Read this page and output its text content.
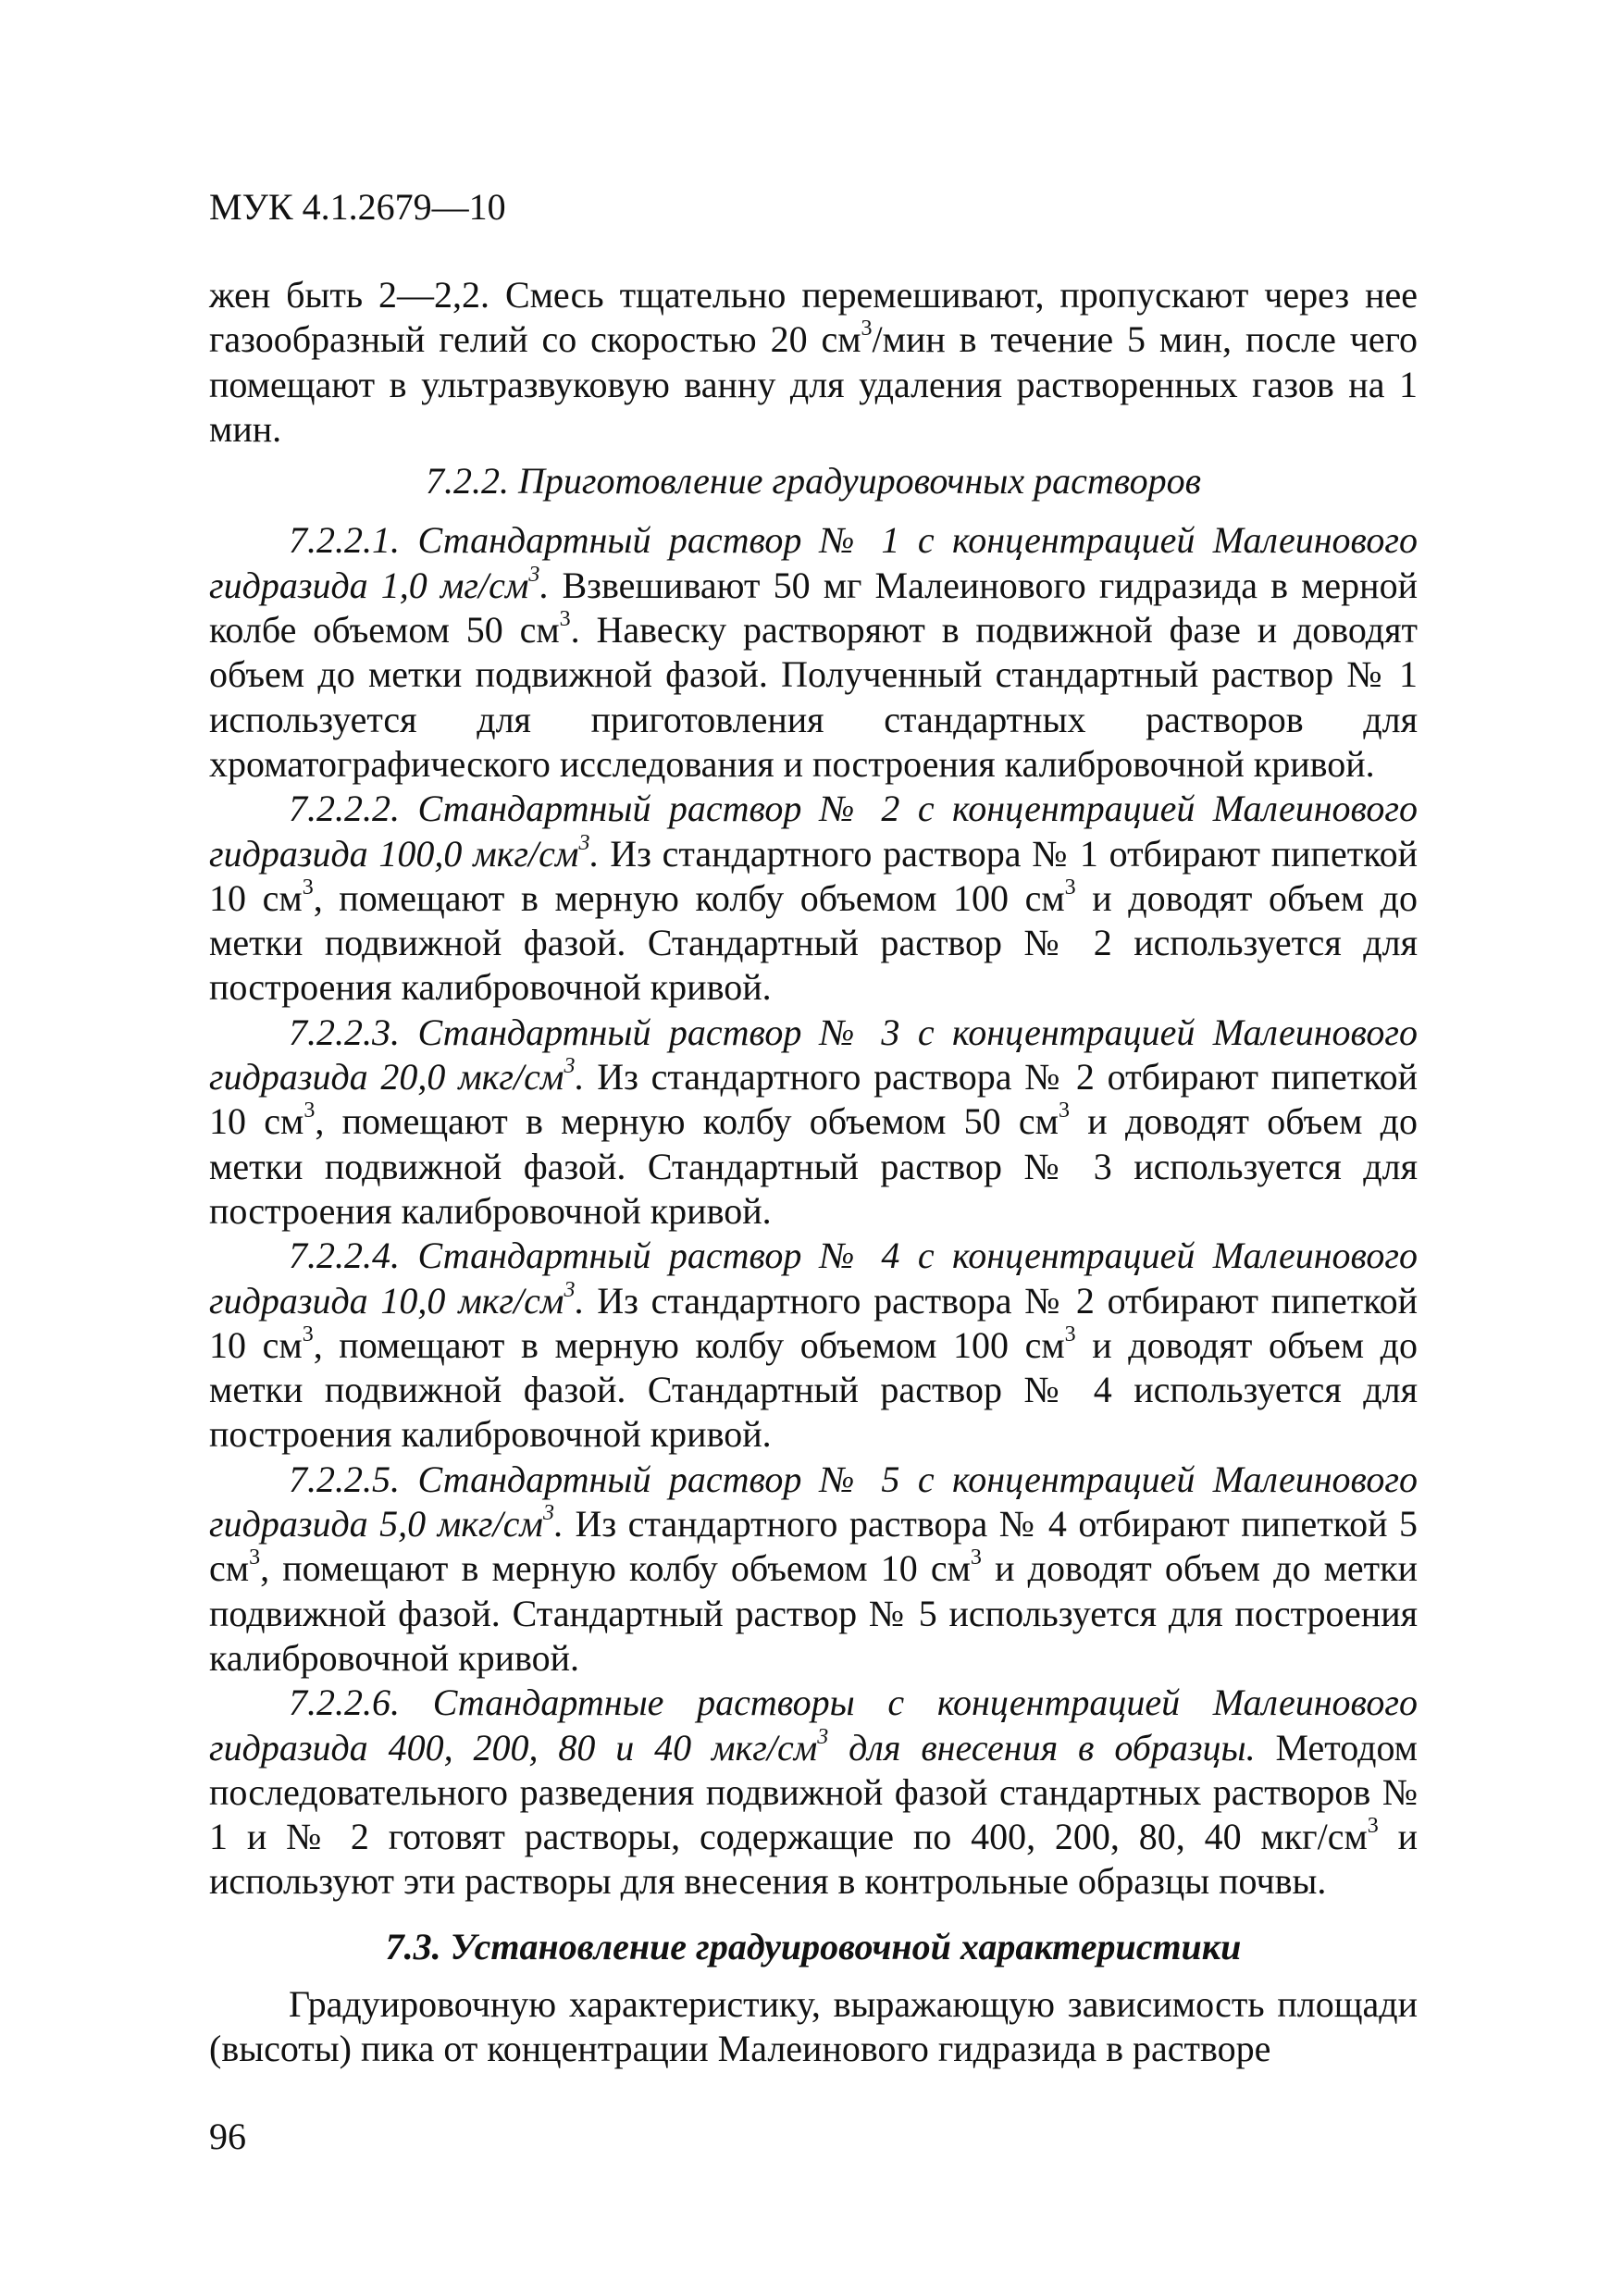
МУК 4.1.2679—10

жен быть 2—2,2. Смесь тщательно перемешивают, пропускают через нее газообразный гелий со скоростью 20 $см^3$/мин в течение 5 мин, после чего помещают в ультразвуковую ванну для удаления растворенных газов на 1 мин.

7.2.2. Приготовление градуировочных растворов

7.2.2.1. Стандартный раствор № 1 с концентрацией Малеинового гидразида 1,0 $мг/см^3$. Взвешивают 50 мг Малеинового гидразида в мерной колбе объемом 50 $см^3$. Навеску растворяют в подвижной фазе и доводят объем до метки подвижной фазой. Полученный стандартный раствор № 1 используется для приготовления стандартных растворов для хроматографического исследования и построения калибровочной кривой.

7.2.2.2. Стандартный раствор № 2 с концентрацией Малеинового гидразида 100,0 мкг/$см^3$. Из стандартного раствора № 1 отбирают пипеткой 10 $см^3$, помещают в мерную колбу объемом 100 $см^3$ и доводят объем до метки подвижной фазой. Стандартный раствор № 2 используется для построения калибровочной кривой.

7.2.2.3. Стандартный раствор № 3 с концентрацией Малеинового гидразида 20,0 мкг/$см^3$. Из стандартного раствора № 2 отбирают пипеткой 10 $см^3$, помещают в мерную колбу объемом 50 $см^3$ и доводят объем до метки подвижной фазой. Стандартный раствор № 3 используется для построения калибровочной кривой.

7.2.2.4. Стандартный раствор № 4 с концентрацией Малеинового гидразида 10,0 мкг/$см^3$. Из стандартного раствора № 2 отбирают пипеткой 10 $см^3$, помещают в мерную колбу объемом 100 $см^3$ и доводят объем до метки подвижной фазой. Стандартный раствор № 4 используется для построения калибровочной кривой.

7.2.2.5. Стандартный раствор № 5 с концентрацией Малеинового гидразида 5,0 мкг/$см^3$. Из стандартного раствора № 4 отбирают пипеткой 5 $см^3$, помещают в мерную колбу объемом 10 $см^3$ и доводят объем до метки подвижной фазой. Стандартный раствор № 5 используется для построения калибровочной кривой.

7.2.2.6. Стандартные растворы с концентрацией Малеинового гидразида 400, 200, 80 и 40 мкг/$см^3$ для внесения в образцы. Методом последовательного разведения подвижной фазой стандартных растворов № 1 и № 2 готовят растворы, содержащие по 400, 200, 80, 40 мкг/$см^3$ и используют эти растворы для внесения в контрольные образцы почвы.

7.3. Установление градуировочной характеристики

Градуировочную характеристику, выражающую зависимость площади (высоты) пика от концентрации Малеинового гидразида в растворе

96
